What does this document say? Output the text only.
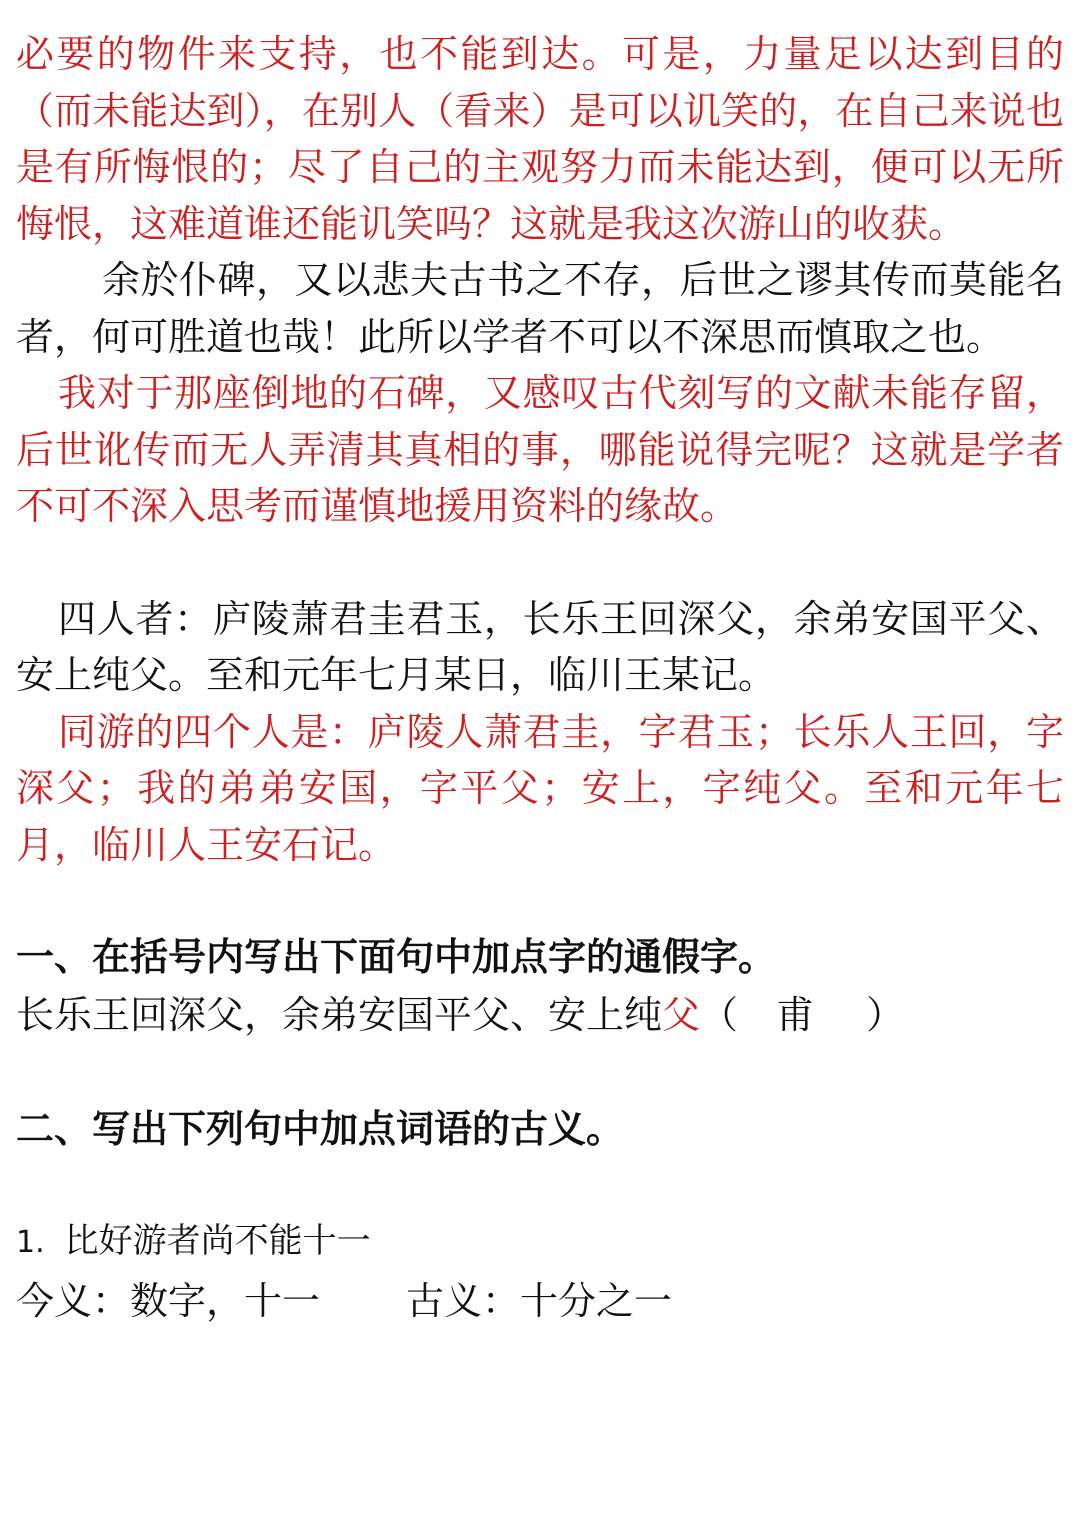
必要的物件来支持，也不能到达。可是，力量足以达到目的（而未能达到），在别人（看来）是可以讥笑的，在自己来说也是有所悔恨的；尽了自己的主观努力而未能达到，便可以无所悔恨，这难道谁还能讥笑吗？这就是我这次游山的收获。

余於仆碑，又以悲夫古书之不存，后世之谬其传而莫能名者，何可胜道也哉！此所以学者不可以不深思而慎取之也。

我对于那座倒地的石碑，又感叹古代刻写的文献未能存留，后世讹传而无人弄清其真相的事，哪能说得完呢？这就是学者不可不深入思考而谨慎地援用资料的缘故。

四人者：庐陵萧君圭君玉，长乐王回深父，余弟安国平父、安上纯父。至和元年七月某日，临川王某记。

同游的四个人是：庐陵人萧君圭，字君玉；长乐人王回，字深父；我的弟弟安国，字平父；安上，字纯父。至和元年七月，临川人王安石记。

一、在括号内写出下面句中加点字的通假字。

长乐王回深父，余弟安国平父、安上纯父（ 甫 ）

二、写出下列句中加点词语的古义。

1. 比好游者尚不能十一

今义：数字，十一 古义：十分之一
